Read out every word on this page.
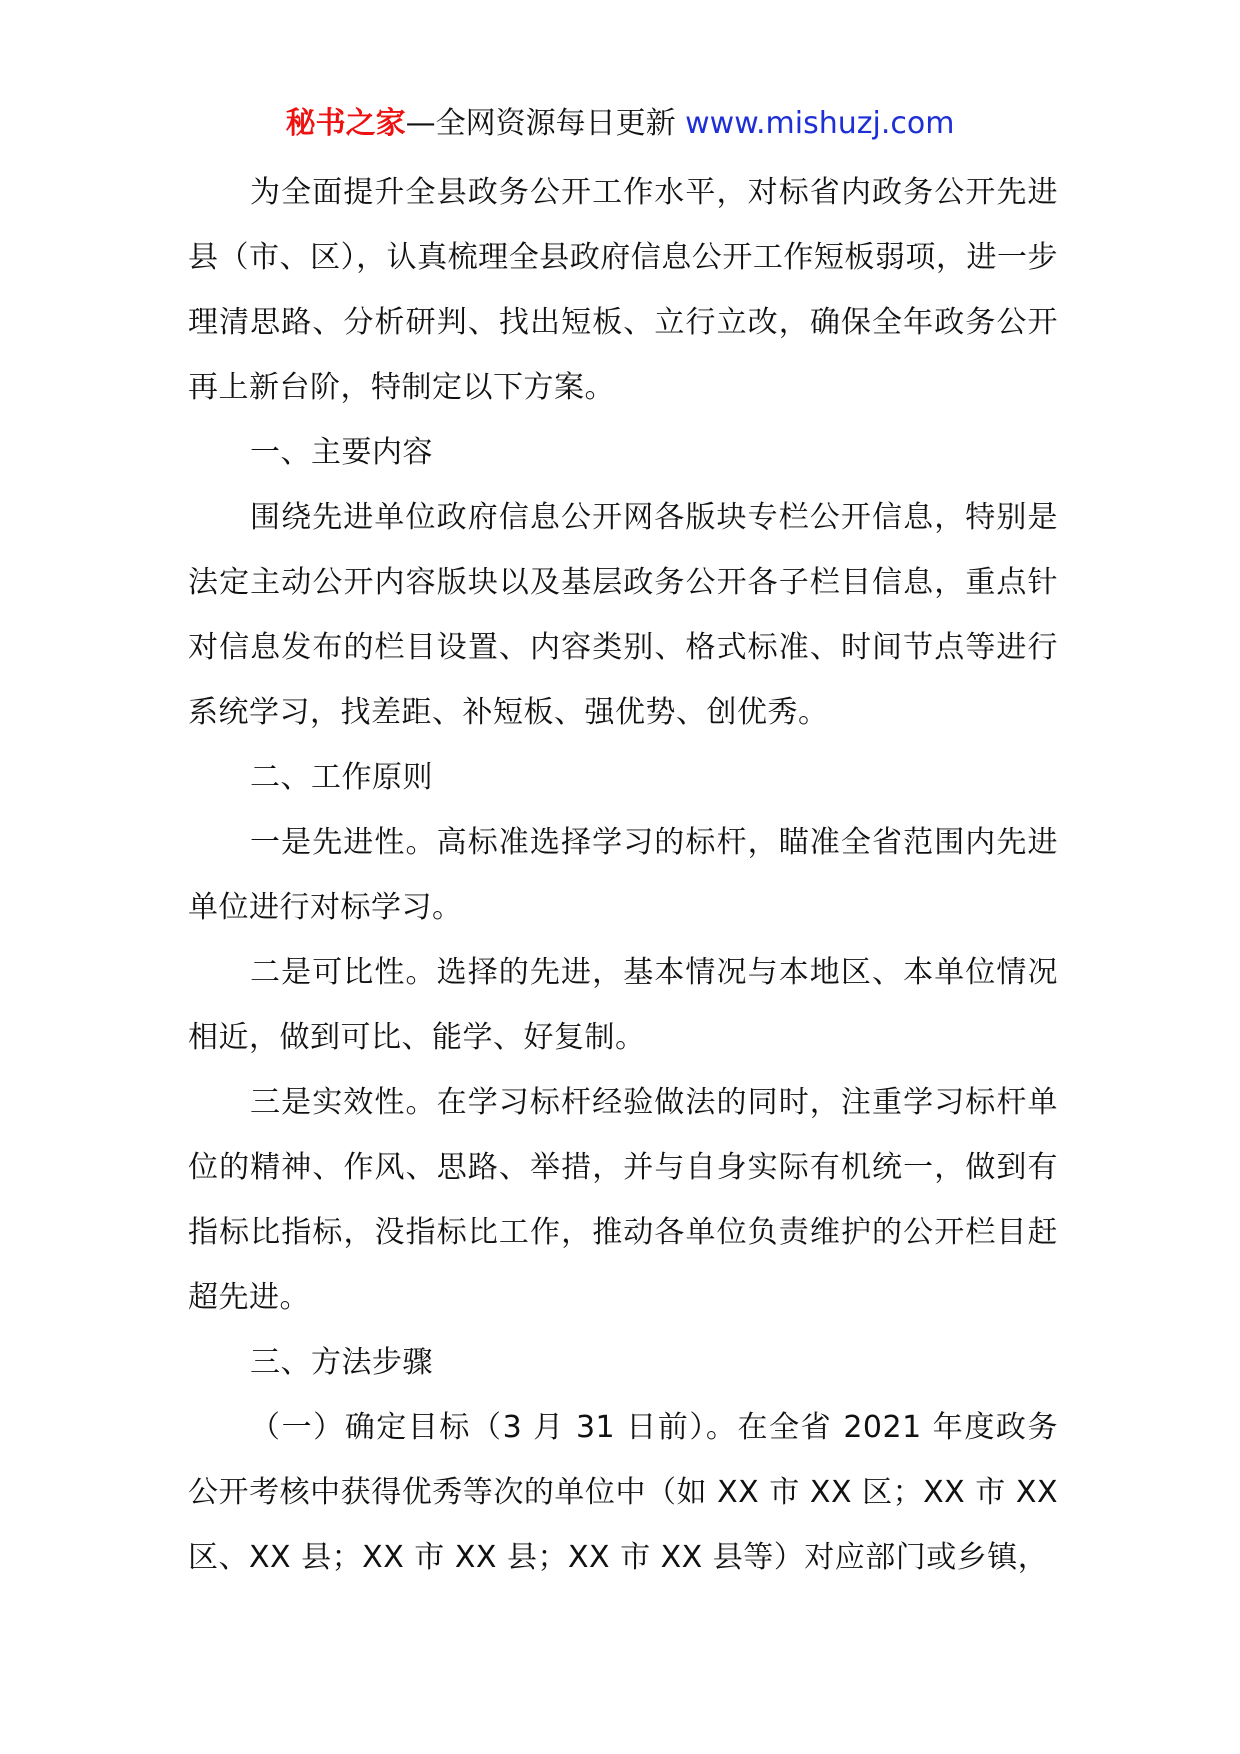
秘书之家—全网资源每日更新 www.mishuzj.com

为全面提升全县政务公开工作水平，对标省内政务公开先进县（市、区），认真梳理全县政府信息公开工作短板弱项，进一步理清思路、分析研判、找出短板、立行立改，确保全年政务公开再上新台阶，特制定以下方案。

一、主要内容

围绕先进单位政府信息公开网各版块专栏公开信息，特别是法定主动公开内容版块以及基层政务公开各子栏目信息，重点针对信息发布的栏目设置、内容类别、格式标准、时间节点等进行系统学习，找差距、补短板、强优势、创优秀。

二、工作原则

一是先进性。高标准选择学习的标杆，瞄准全省范围内先进单位进行对标学习。

二是可比性。选择的先进，基本情况与本地区、本单位情况相近，做到可比、能学、好复制。

三是实效性。在学习标杆经验做法的同时，注重学习标杆单位的精神、作风、思路、举措，并与自身实际有机统一，做到有指标比指标，没指标比工作，推动各单位负责维护的公开栏目赶超先进。

三、方法步骤

（一）确定目标（3 月 31 日前）。在全省 2021 年度政务公开考核中获得优秀等次的单位中（如 XX 市 XX 区；XX 市 XX 区、XX 县；XX 市 XX 县；XX 市 XX 县等）对应部门或乡镇，
